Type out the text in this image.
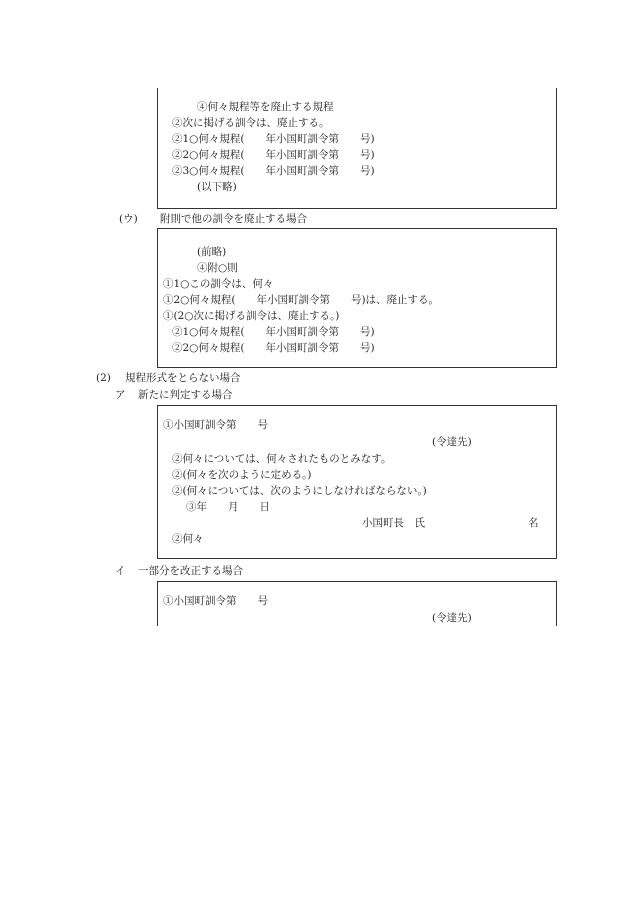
④何々規程等を廃止する規程
②次に掲げる訓令は、廃止する。
②1○何々規程(　　年小国町訓令第　　号)
②2○何々規程(　　年小国町訓令第　　号)
②3○何々規程(　　年小国町訓令第　　号)
(以下略)
(ウ) 附則で他の訓令を廃止する場合
(前略)
④附○則
①1○この訓令は、何々
①2○何々規程(　　年小国町訓令第　　号)は、廃止する。
①(2○次に掲げる訓令は、廃止する。)
②1○何々規程(　　年小国町訓令第　　号)
②2○何々規程(　　年小国町訓令第　　号)
(2) 規程形式をとらない場合
ア 新たに判定する場合
①小国町訓令第　　号
(令達先)
②何々については、何々されたものとみなす。
②(何々を次のように定める。)
②(何々については、次のようにしなければならない。)
③年　　月　　日
小国町長　氏	名
②何々
イ 一部分を改正する場合
①小国町訓令第　　号
(令達先)
